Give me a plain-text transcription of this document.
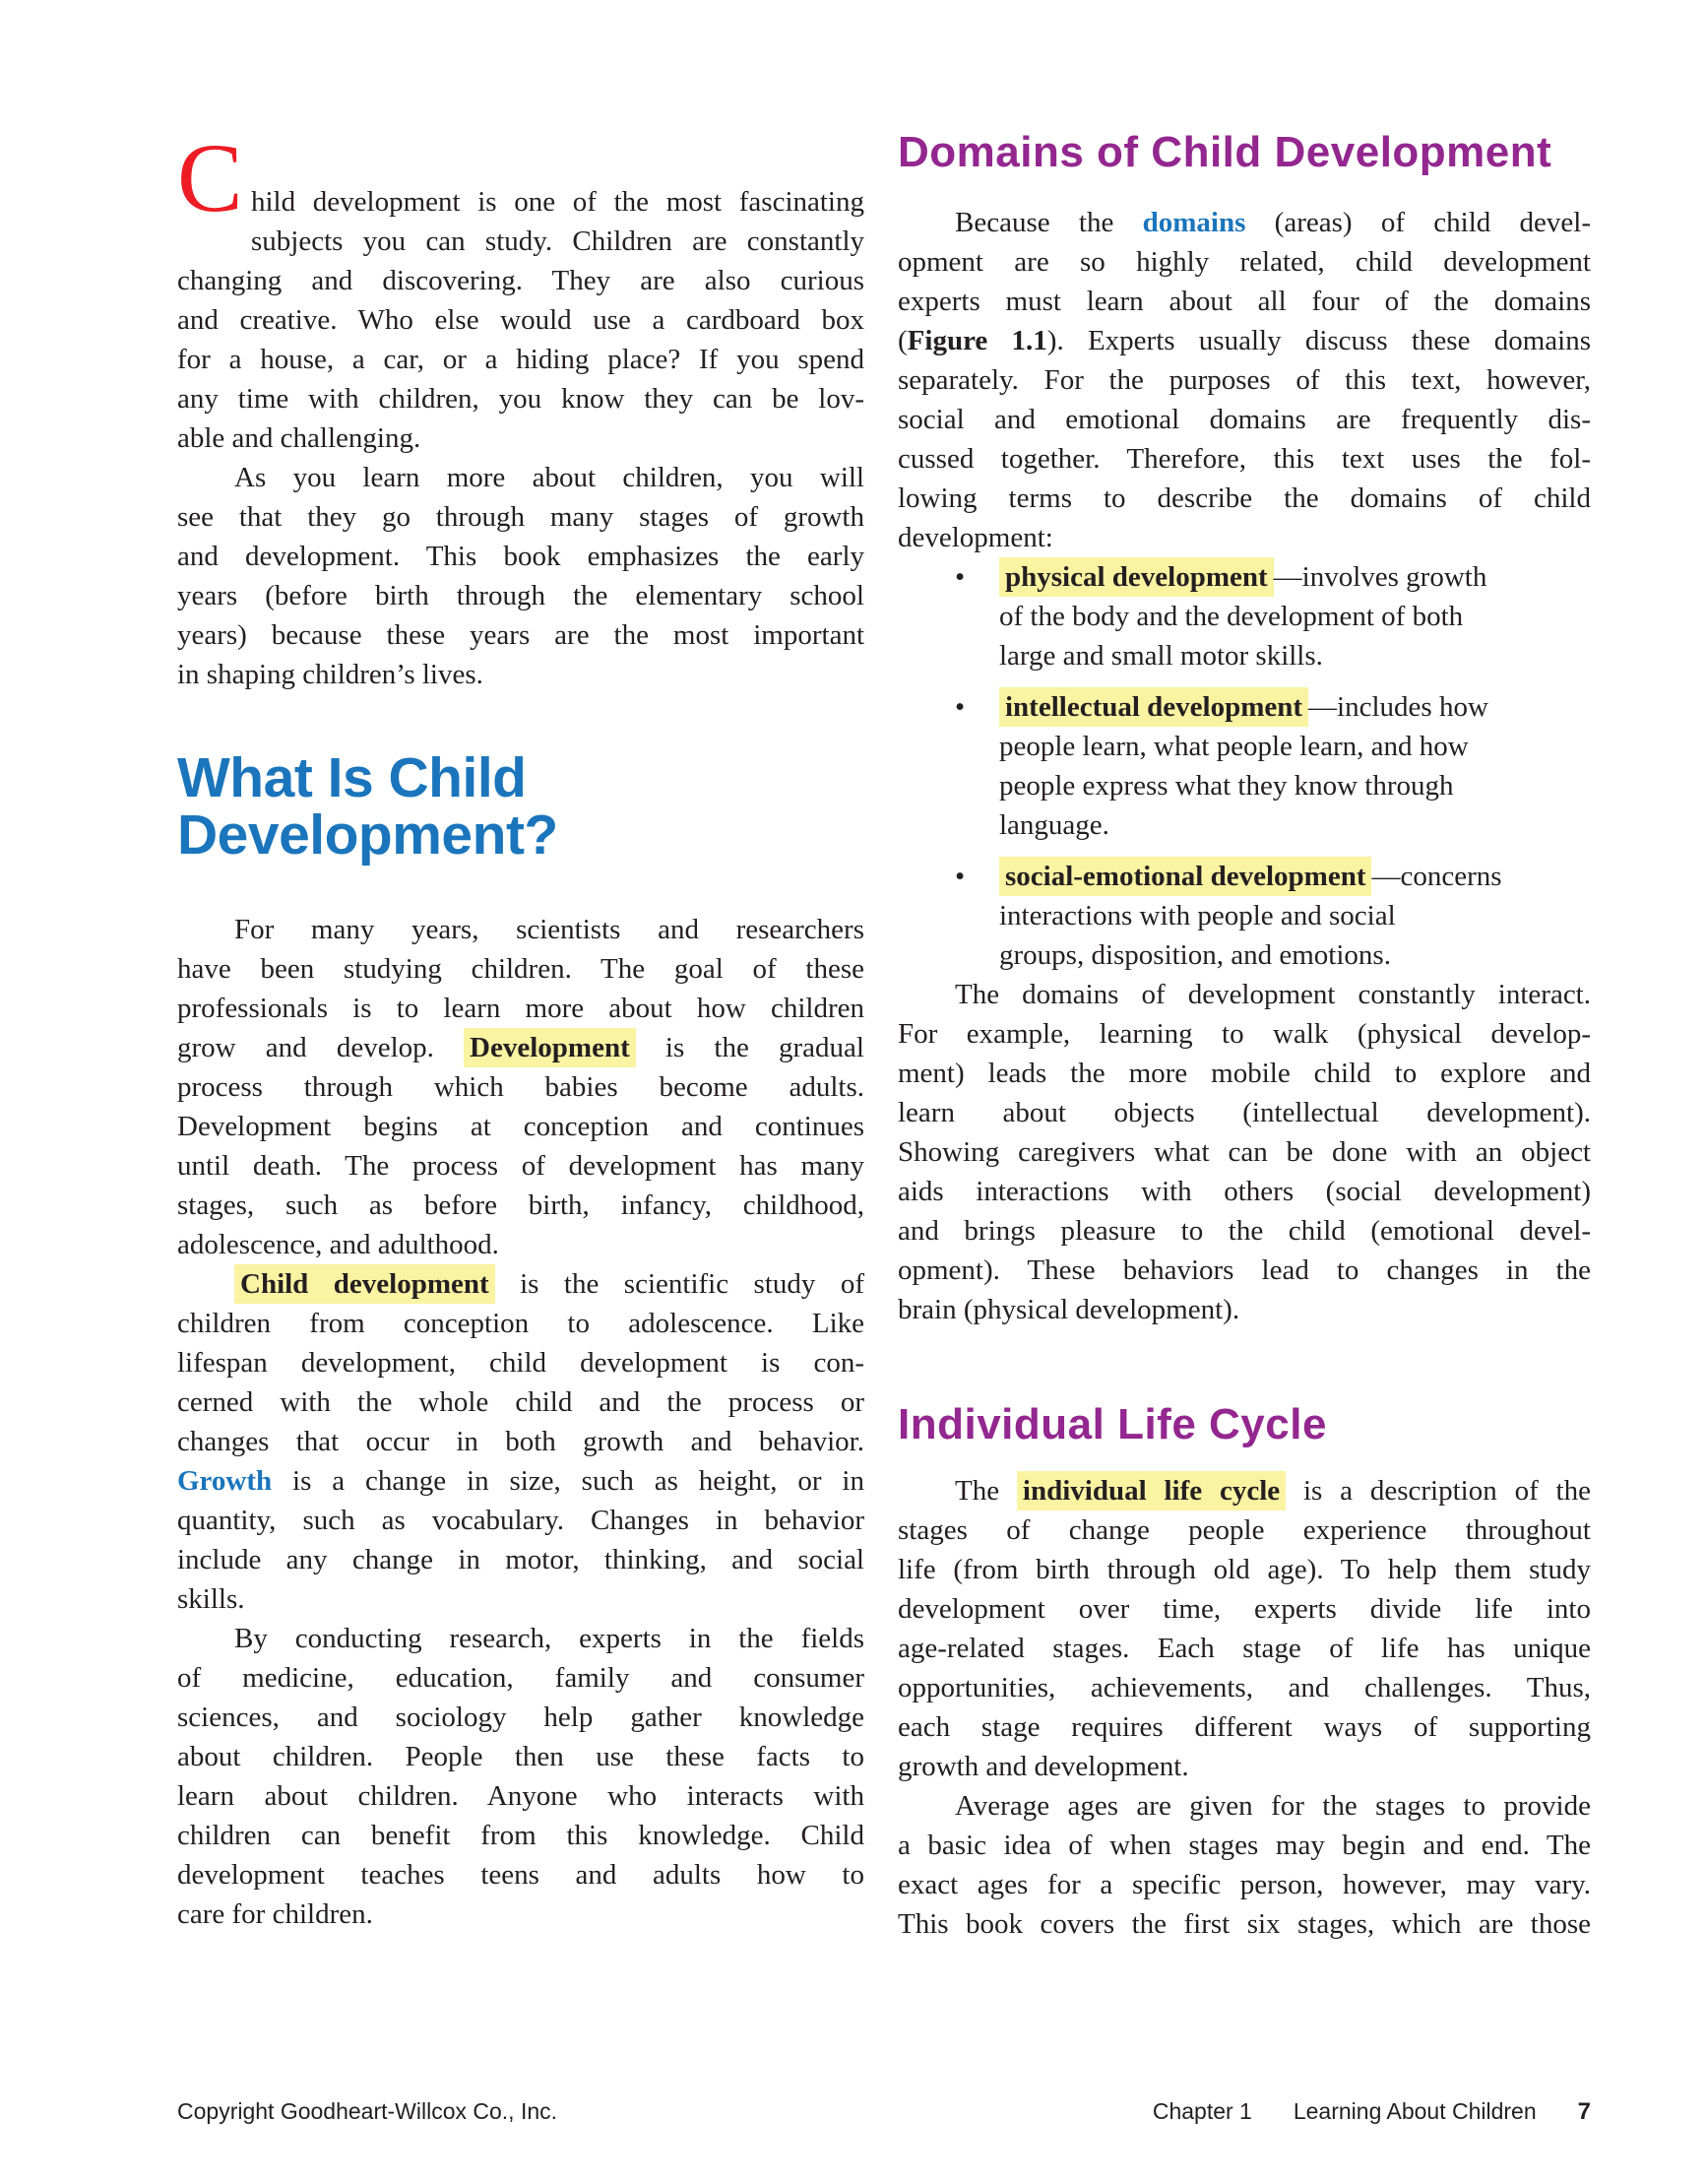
C hild development is one of the most fascinating
subjects you can study. Children are constantly
changing and discovering. They are also curious
and creative. Who else would use a cardboard box
for a house, a car, or a hiding place? If you spend
any time with children, you know they can be lov-
able and challenging.
As you learn more about children, you will
see that they go through many stages of growth
and development. This book emphasizes the early
years (before birth through the elementary school
years) because these years are the most important
in shaping children’s lives.
What Is Child
Development?
For many years, scientists and researchers
have been studying children. The goal of these
professionals is to learn more about how children
grow and develop. Development is the gradual
process through which babies become adults.
Development begins at conception and continues
until death. The process of development has many
stages, such as before birth, infancy, childhood,
adolescence, and adulthood.
Child development is the scientific study of
children from conception to adolescence. Like
lifespan development, child development is con-
cerned with the whole child and the process or
changes that occur in both growth and behavior.
Growth is a change in size, such as height, or in
quantity, such as vocabulary. Changes in behavior
include any change in motor, thinking, and social
skills.
By conducting research, experts in the fields
of medicine, education, family and consumer
sciences, and sociology help gather knowledge
about children. People then use these facts to
learn about children. Anyone who interacts with
children can benefit from this knowledge. Child
development teaches teens and adults how to
care for children.
Domains of Child Development
Because the domains (areas) of child devel-
opment are so highly related, child development
experts must learn about all four of the domains
(Figure 1.1). Experts usually discuss these domains
separately. For the purposes of this text, however,
social and emotional domains are frequently dis-
cussed together. Therefore, this text uses the fol-
lowing terms to describe the domains of child
development:
•	physical development —involves growth
of the body and the development of both
large and small motor skills.
•	intellectual development —includes how
people learn, what people learn, and how
people express what they know through
language.
•	social-emotional development —concerns
interactions with people and social
groups, disposition, and emotions.
The domains of development constantly interact.
For example, learning to walk (physical develop-
ment) leads the more mobile child to explore and
learn about objects (intellectual development).
Showing caregivers what can be done with an object
aids interactions with others (social development)
and brings pleasure to the child (emotional devel-
opment). These behaviors lead to changes in the
brain (physical development).
Individual Life Cycle
The individual life cycle is a description of the
stages of change people experience throughout
life (from birth through old age). To help them study
development over time, experts divide life into
age-related stages. Each stage of life has unique
opportunities, achievements, and challenges. Thus,
each stage requires different ways of supporting
growth and development.
Average ages are given for the stages to provide
a basic idea of when stages may begin and end. The
exact ages for a specific person, however, may vary.
This book covers the first six stages, which are those
Copyright Goodheart-Willcox Co., Inc.	Chapter 1 Learning About Children 7
